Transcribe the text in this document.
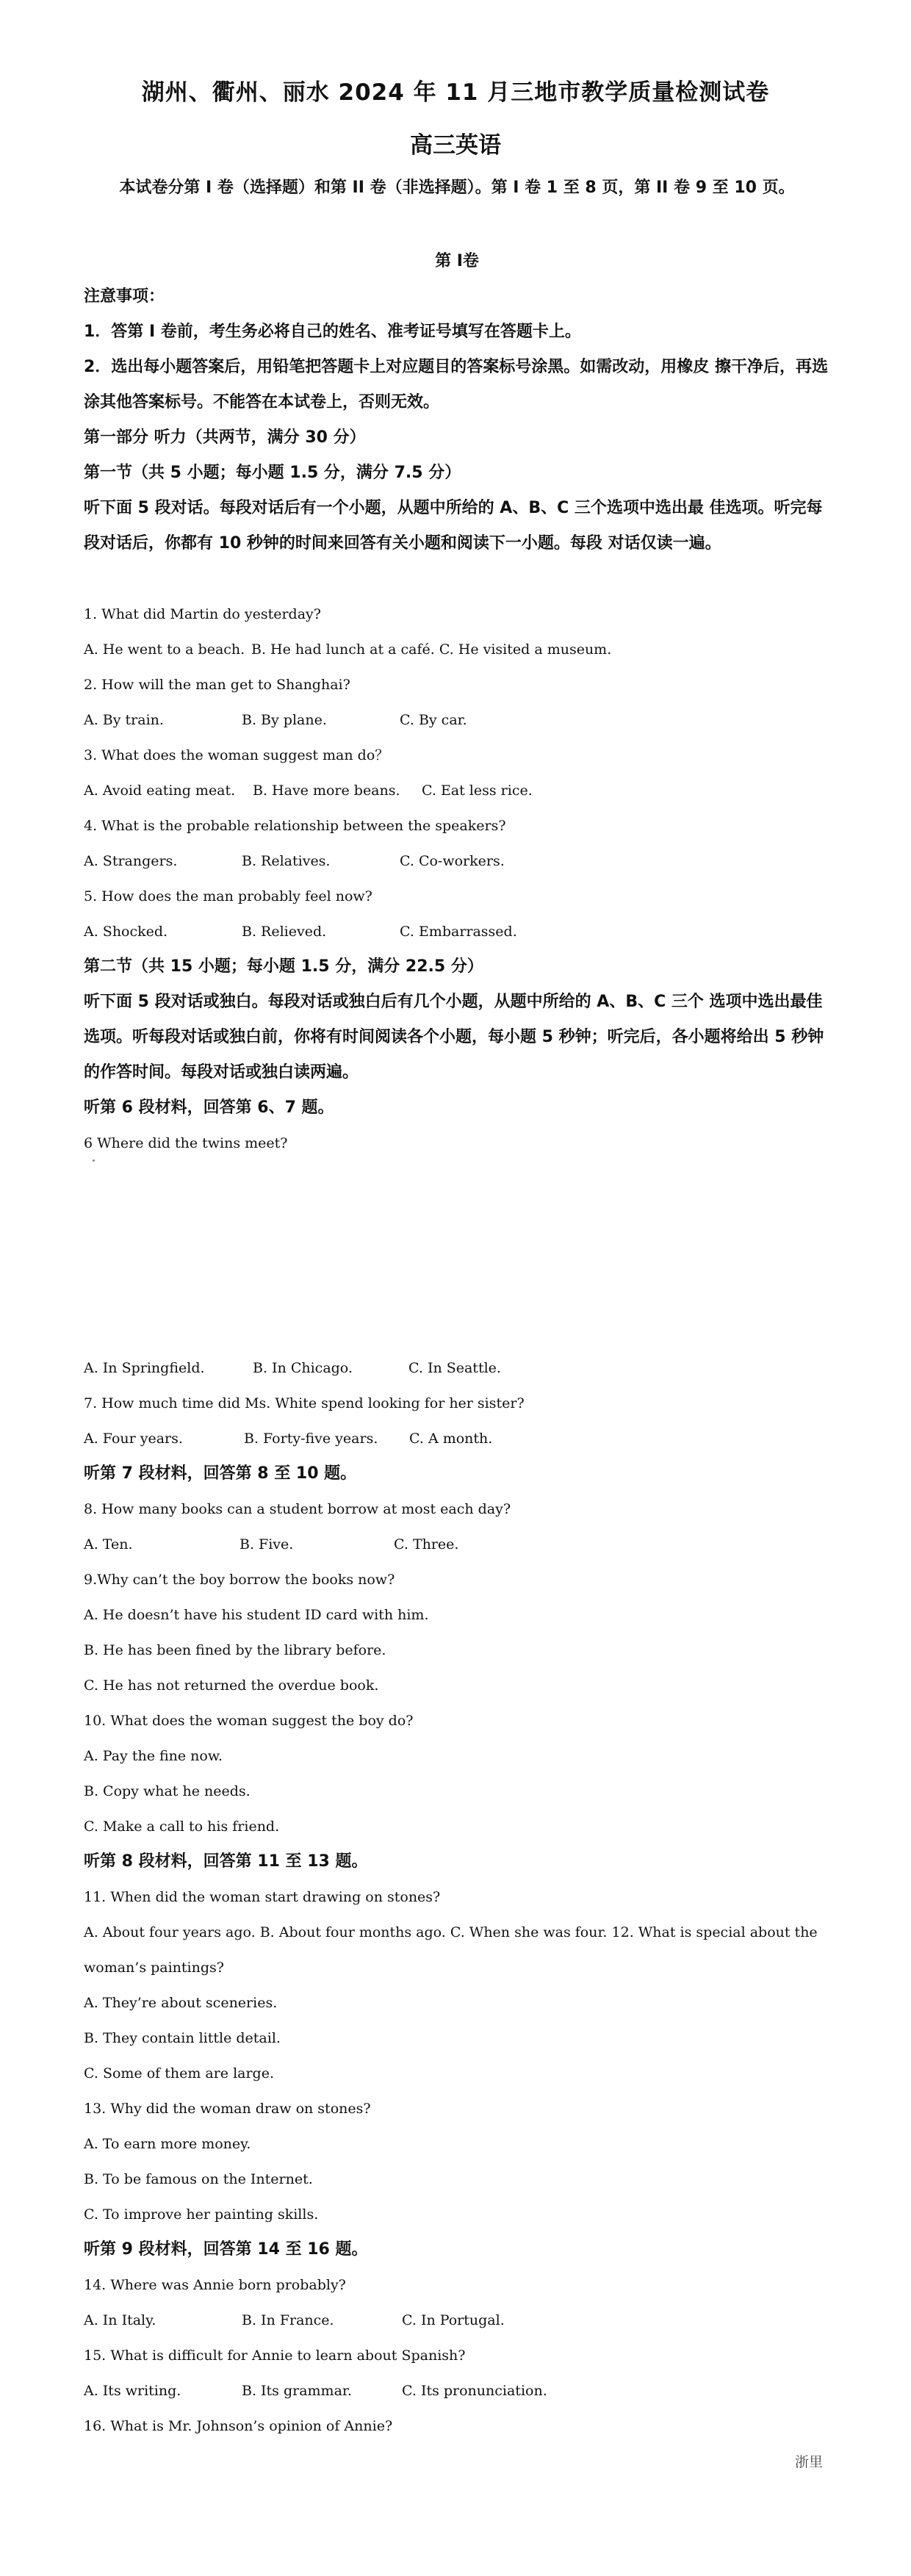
湖州、衢州、丽水 2024 年 11 月三地市教学质量检测试卷
高三英语
本试卷分第 I 卷（选择题）和第 II 卷（非选择题）。第 I 卷 1 至 8 页，第 II 卷 9 至 10 页。
第 I卷

注意事项：

1．答第 I 卷前，考生务必将自己的姓名、准考证号填写在答题卡上。

2．选出每小题答案后，用铅笔把答题卡上对应题目的答案标号涂黑。如需改动，用橡皮 擦干净后，再选涂其他答案标号。不能答在本试卷上，否则无效。

第一部分 听力（共两节，满分 30 分）

第一节（共 5 小题；每小题 1.5 分，满分 7.5 分）

听下面 5 段对话。每段对话后有一个小题，从题中所给的 A、B、C 三个选项中选出最 佳选项。听完每段对话后，你都有 10 秒钟的时间来回答有关小题和阅读下一小题。每段 对话仅读一遍。

1. What did Martin do yesterday?

A. He went to a beach. B. He had lunch at a café. C. He visited a museum.

2. How will the man get to Shanghai?

A. By train.	B. By plane.	C. By car.

3. What does the woman suggest man do？

A. Avoid eating meat. B. Have more beans. C. Eat less rice.

4. What is the probable relationship between the speakers?

A. Strangers.	B. Relatives.	C. Co-workers.

5. How does the man probably feel now?

A. Shocked.	B. Relieved.	C. Embarrassed.

第二节（共 15 小题；每小题 1.5 分，满分 22.5 分）

听下面 5 段对话或独白。每段对话或独白后有几个小题，从题中所给的 A、B、C 三个 选项中选出最佳选项。听每段对话或独白前，你将有时间阅读各个小题，每小题 5 秒钟；听完后，各小题将给出 5 秒钟的作答时间。每段对话或独白读两遍。

听第 6 段材料，回答第 6、7 题。

6 Where did the twins meet?

A. In Springfield.	B. In Chicago.	C. In Seattle.

7. How much time did Ms. White spend looking for her sister?

A. Four years.	B. Forty-five years. C. A month.

听第 7 段材料，回答第 8 至 10 题。

8. How many books can a student borrow at most each day?

A. Ten.	B. Five.	C. Three.

9.Why can’t the boy borrow the books now?

A. He doesn’t have his student ID card with him.

B. He has been fined by the library before.

C. He has not returned the overdue book.

10. What does the woman suggest the boy do?

A. Pay the fine now.

B. Copy what he needs.

C. Make a call to his friend.

听第 8 段材料，回答第 11 至 13 题。

11. When did the woman start drawing on stones?

A. About four years ago. B. About four months ago. C. When she was four. 12. What is special about the woman’s paintings?

A. They’re about sceneries.

B. They contain little detail.

C. Some of them are large.

13. Why did the woman draw on stones?

A. To earn more money.

B. To be famous on the Internet.

C. To improve her painting skills.

听第 9 段材料，回答第 14 至 16 题。

14. Where was Annie born probably?

A. In Italy.	B. In France.	C. In Portugal.

15. What is difficult for Annie to learn about Spanish?

A. Its writing.	B. Its grammar.	C. Its pronunciation.

16. What is Mr. Johnson’s opinion of Annie?

浙里
